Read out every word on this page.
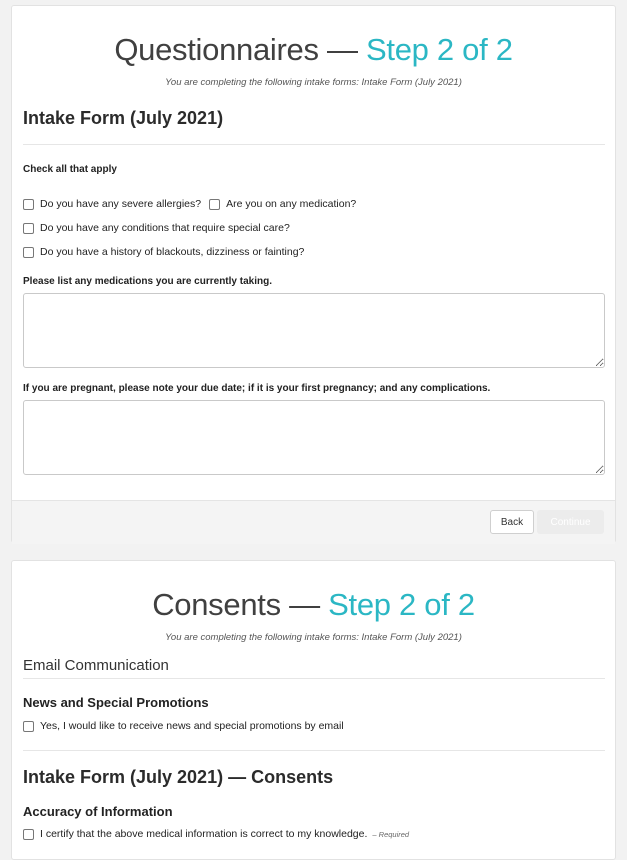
Questionnaires — Step 2 of 2

You are completing the following intake forms: Intake Form (July 2021)

Intake Form (July 2021)
Check all that apply
Do you have any severe allergies? Are you on any medication?
Do you have any conditions that require special care?
Do you have a history of blackouts, dizziness or fainting?
Please list any medications you are currently taking.
If you are pregnant, please note your due date; if it is your first pregnancy; and any complications.
Back	Continue

Consents — Step 2 of 2

You are completing the following intake forms: Intake Form (July 2021)

Email Communication
News and Special Promotions
Yes, I would like to receive news and special promotions by email
Intake Form (July 2021) — Consents
Accuracy of Information
I certify that the above medical information is correct to my knowledge. – Required
